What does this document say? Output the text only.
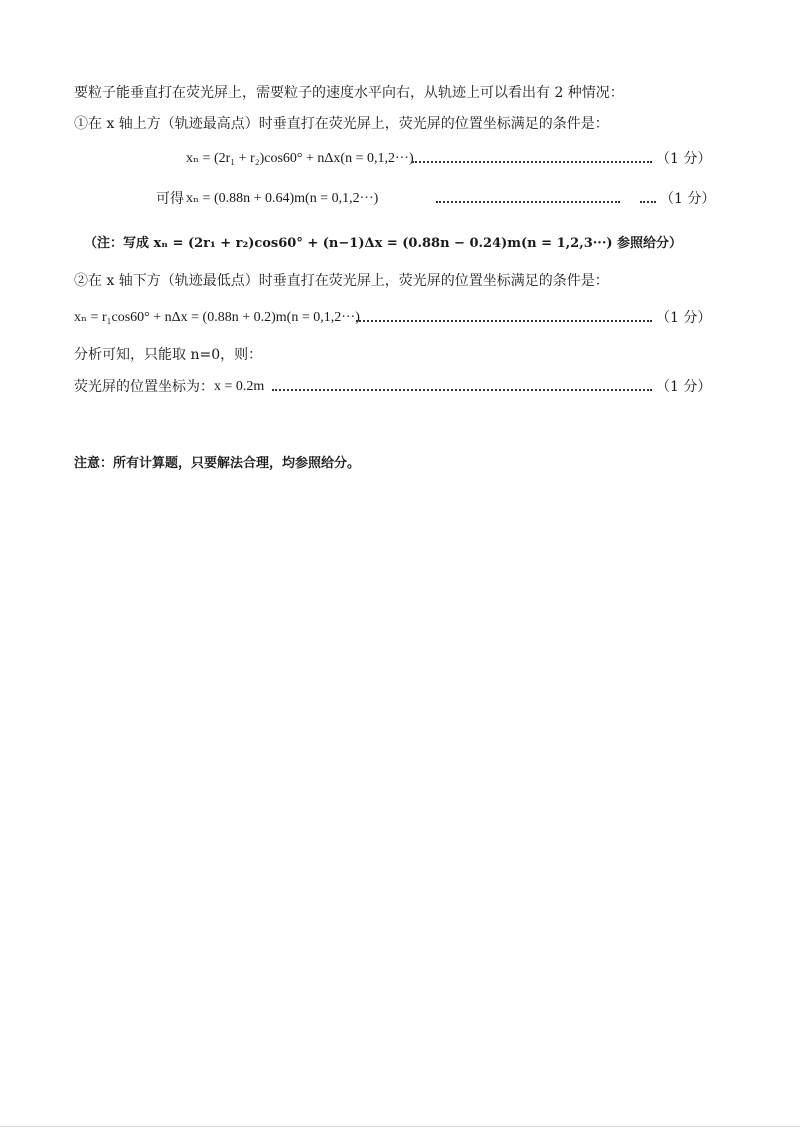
要粒子能垂直打在荧光屏上，需要粒子的速度水平向右，从轨迹上可以看出有 2 种情况：
①在 x 轴上方（轨迹最高点）时垂直打在荧光屏上，荧光屏的位置坐标满足的条件是：
xₙ = (2r₁ + r₂)cos60° + nΔx(n = 0,1,2···)	（1 分）
可得 xₙ = (0.88n + 0.64)m(n = 0,1,2···)	（1 分）
（注：写成 xₙ = (2r₁ + r₂)cos60° + (n−1)Δx = (0.88n − 0.24)m(n = 1,2,3···) 参照给分）
②在 x 轴下方（轨迹最低点）时垂直打在荧光屏上，荧光屏的位置坐标满足的条件是：
xₙ = r₁cos60° + nΔx = (0.88n + 0.2)m(n = 0,1,2···)	（1 分）
分析可知，只能取 n=0，则：
荧光屏的位置坐标为： x = 0.2m	（1 分）
注意：所有计算题，只要解法合理，均参照给分。
